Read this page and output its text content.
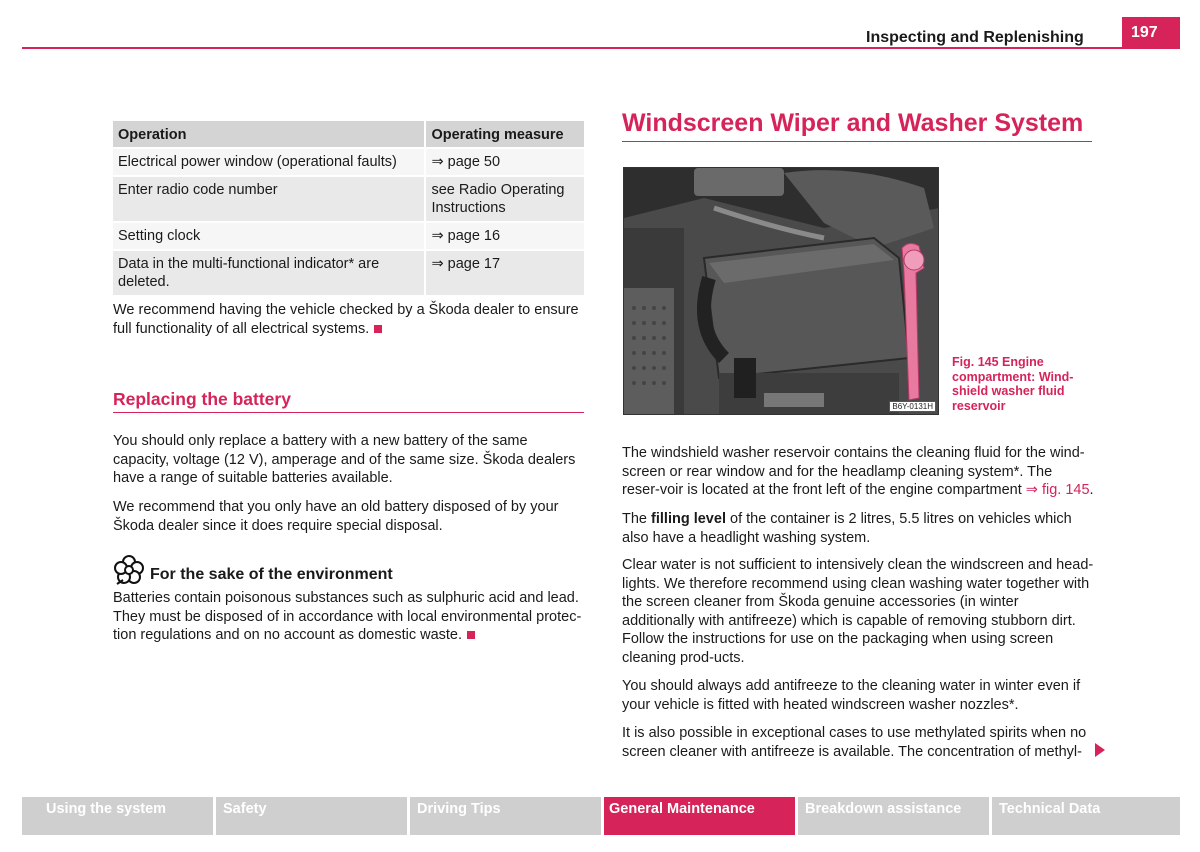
Inspecting and Replenishing	197
Operation	Operating measure
Electrical power window (operational faults)	⇒ page 50
Enter radio code number	see Radio Operating Instructions
Setting clock	⇒ page 16
Data in the multi-functional indicator* are deleted.	⇒ page 17
We recommend having the vehicle checked by a Škoda dealer to ensure full functionality of all electrical systems.
Replacing the battery
You should only replace a battery with a new battery of the same capacity, voltage (12 V), amperage and of the same size. Škoda dealers have a range of suitable batteries available.
We recommend that you only have an old battery disposed of by your Škoda dealer since it does require special disposal.
For the sake of the environment
Batteries contain poisonous substances such as sulphuric acid and lead. They must be disposed of in accordance with local environmental protec-tion regulations and on no account as domestic waste.
Windscreen Wiper and Washer System
B6Y-0131H
Fig. 145 Engine compartment: Wind-shield washer fluid reservoir
The windshield washer reservoir contains the cleaning fluid for the wind-screen or rear window and for the headlamp cleaning system*. The reser-voir is located at the front left of the engine compartment ⇒ fig. 145.
The filling level of the container is 2 litres, 5.5 litres on vehicles which also have a headlight washing system.
Clear water is not sufficient to intensively clean the windscreen and head-lights. We therefore recommend using clean washing water together with the screen cleaner from Škoda genuine accessories (in winter additionally with antifreeze) which is capable of removing stubborn dirt. Follow the instructions for use on the packaging when using screen cleaning prod-ucts.
You should always add antifreeze to the cleaning water in winter even if your vehicle is fitted with heated windscreen washer nozzles*.
It is also possible in exceptional cases to use methylated spirits when no screen cleaner with antifreeze is available. The concentration of methyl-
Using the system	Safety	Driving Tips	General Maintenance	Breakdown assistance	Technical Data
